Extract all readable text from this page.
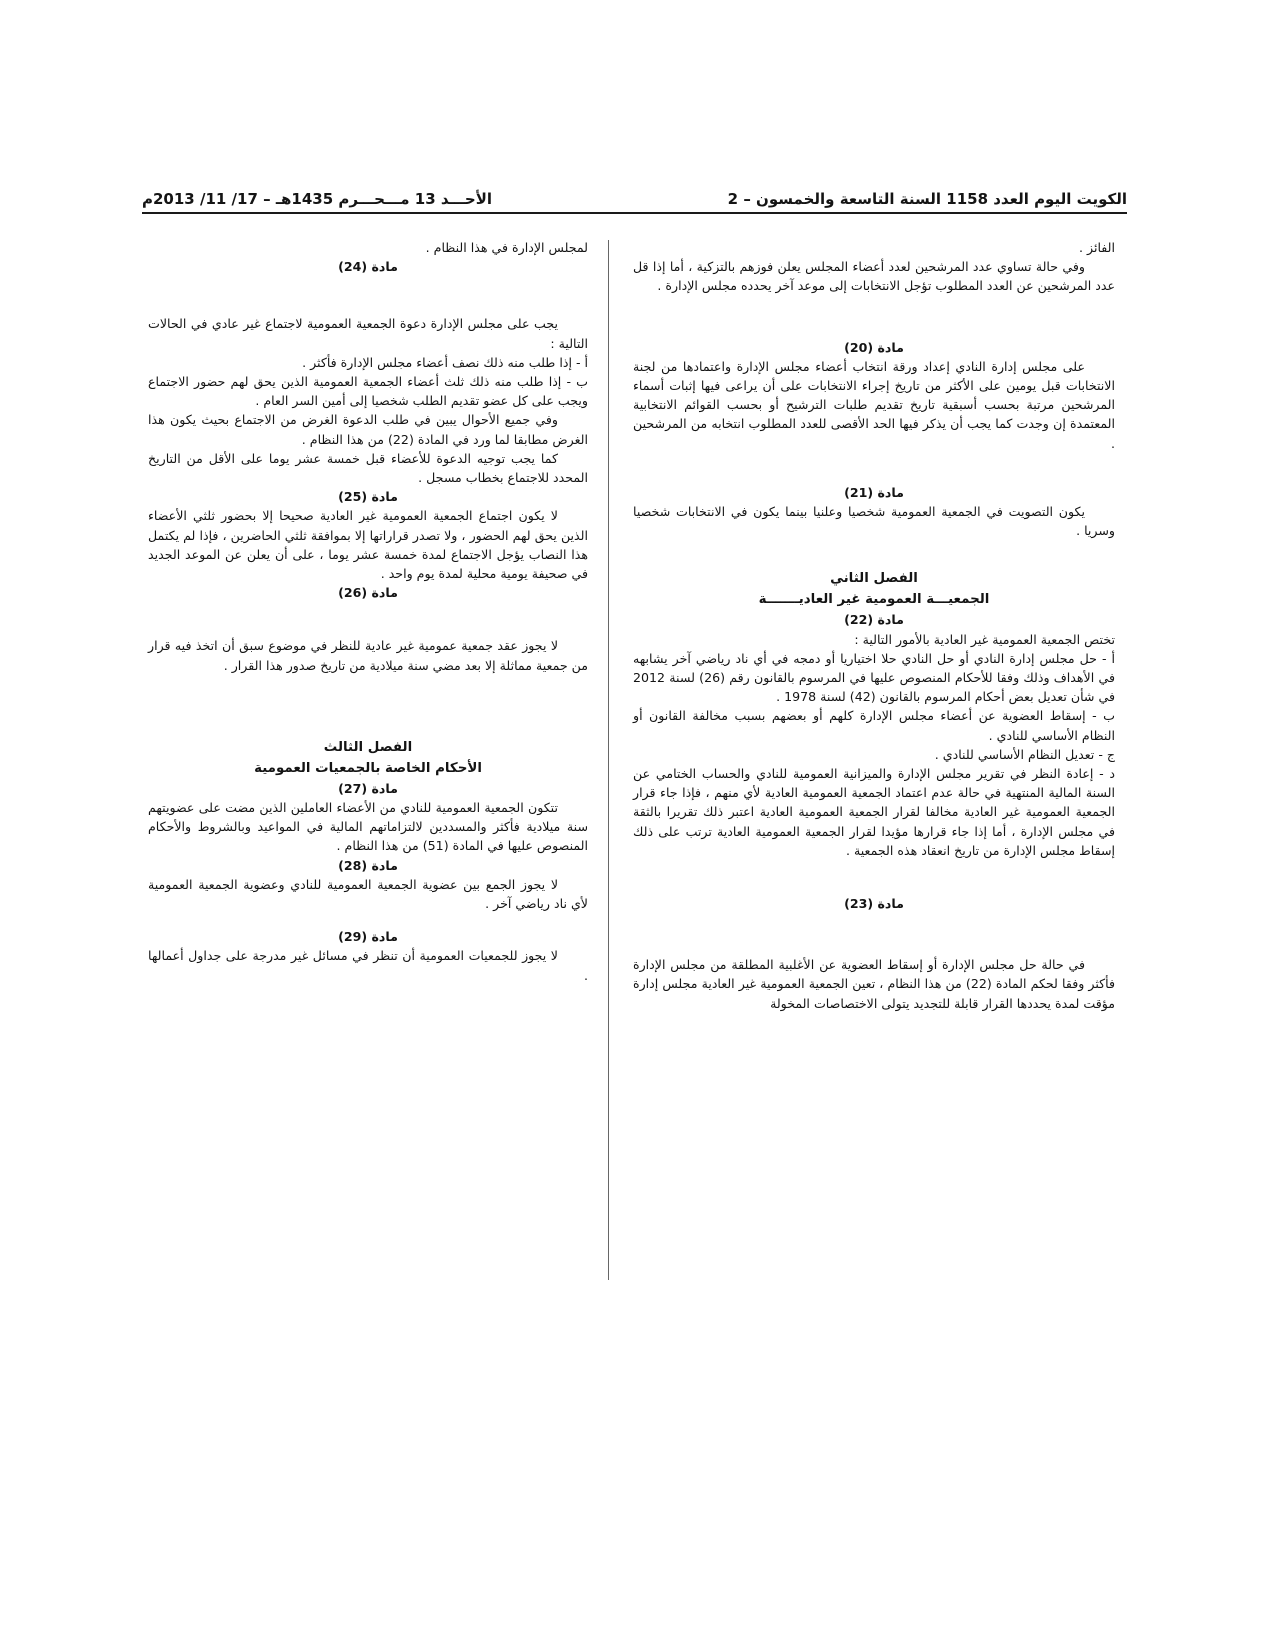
الكويت اليوم العدد 1158 السنة التاسعة والخمسون – 2
الأحـــد 13 مـــحـــرم 1435هـ – 17/ 11/ 2013م

الفائز .

وفي حالة تساوي عدد المرشحين لعدد أعضاء المجلس يعلن فوزهم بالتزكية ، أما إذا قل عدد المرشحين عن العدد المطلوب تؤجل الانتخابات إلى موعد آخر يحدده مجلس الإدارة .

مادة (20)

على مجلس إدارة النادي إعداد ورقة انتخاب أعضاء مجلس الإدارة واعتمادها من لجنة الانتخابات قبل يومين على الأكثر من تاريخ إجراء الانتخابات على أن يراعى فيها إثبات أسماء المرشحين مرتبة بحسب أسبقية تاريخ تقديم طلبات الترشيح أو بحسب القوائم الانتخابية المعتمدة إن وجدت كما يجب أن يذكر فيها الحد الأقصى للعدد المطلوب انتخابه من المرشحين .

مادة (21)

يكون التصويت في الجمعية العمومية شخصيا وعلنيا بينما يكون في الانتخابات شخصيا وسريا .

الفصل الثاني

الجمعيـــة العمومية غير العاديـــــــة

مادة (22)

تختص الجمعية العمومية غير العادية بالأمور التالية :

أ - حل مجلس إدارة النادي أو حل النادي حلا اختياريا أو دمجه في أي ناد رياضي آخر يشابهه في الأهداف وذلك وفقا للأحكام المنصوص عليها في المرسوم بالقانون رقم (26) لسنة 2012 في شأن تعديل بعض أحكام المرسوم بالقانون (42) لسنة 1978 .

ب - إسقاط العضوية عن أعضاء مجلس الإدارة كلهم أو بعضهم بسبب مخالفة القانون أو النظام الأساسي للنادي .

ج - تعديل النظام الأساسي للنادي .

د - إعادة النظر في تقرير مجلس الإدارة والميزانية العمومية للنادي والحساب الختامي عن السنة المالية المنتهية في حالة عدم اعتماد الجمعية العمومية العادية لأي منهم ، فإذا جاء قرار الجمعية العمومية غير العادية مخالفا لقرار الجمعية العمومية العادية اعتبر ذلك تقريرا بالثقة في مجلس الإدارة ، أما إذا جاء قرارها مؤيدا لقرار الجمعية العمومية العادية ترتب على ذلك إسقاط مجلس الإدارة من تاريخ انعقاد هذه الجمعية .

مادة (23)

في حالة حل مجلس الإدارة أو إسقاط العضوية عن الأغلبية المطلقة من مجلس الإدارة فأكثر وفقا لحكم المادة (22) من هذا النظام ، تعين الجمعية العمومية غير العادية مجلس إدارة مؤقت لمدة يحددها القرار قابلة للتجديد يتولى الاختصاصات المخولة

لمجلس الإدارة في هذا النظام .

مادة (24)

يجب على مجلس الإدارة دعوة الجمعية العمومية لاجتماع غير عادي في الحالات التالية :

أ - إذا طلب منه ذلك نصف أعضاء مجلس الإدارة فأكثر .

ب - إذا طلب منه ذلك ثلث أعضاء الجمعية العمومية الذين يحق لهم حضور الاجتماع ويجب على كل عضو تقديم الطلب شخصيا إلى أمين السر العام .

وفي جميع الأحوال يبين في طلب الدعوة الغرض من الاجتماع بحيث يكون هذا الغرض مطابقا لما ورد في المادة (22) من هذا النظام .

كما يجب توجيه الدعوة للأعضاء قبل خمسة عشر يوما على الأقل من التاريخ المحدد للاجتماع بخطاب مسجل .

مادة (25)

لا يكون اجتماع الجمعية العمومية غير العادية صحيحا إلا بحضور ثلثي الأعضاء الذين يحق لهم الحضور ، ولا تصدر قراراتها إلا بموافقة ثلثي الحاضرين ، فإذا لم يكتمل هذا النصاب يؤجل الاجتماع لمدة خمسة عشر يوما ، على أن يعلن عن الموعد الجديد في صحيفة يومية محلية لمدة يوم واحد .

مادة (26)

لا يجوز عقد جمعية عمومية غير عادية للنظر في موضوع سبق أن اتخذ فيه قرار من جمعية مماثلة إلا بعد مضي سنة ميلادية من تاريخ صدور هذا القرار .

الفصل الثالث

الأحكام الخاصة بالجمعيات العمومية

مادة (27)

تتكون الجمعية العمومية للنادي من الأعضاء العاملين الذين مضت على عضويتهم سنة ميلادية فأكثر والمسددين لالتزاماتهم المالية في المواعيد وبالشروط والأحكام المنصوص عليها في المادة (51) من هذا النظام .

مادة (28)

لا يجوز الجمع بين عضوية الجمعية العمومية للنادي وعضوية الجمعية العمومية لأي ناد رياضي آخر .

مادة (29)

لا يجوز للجمعيات العمومية أن تنظر في مسائل غير مدرجة على جداول أعمالها .
